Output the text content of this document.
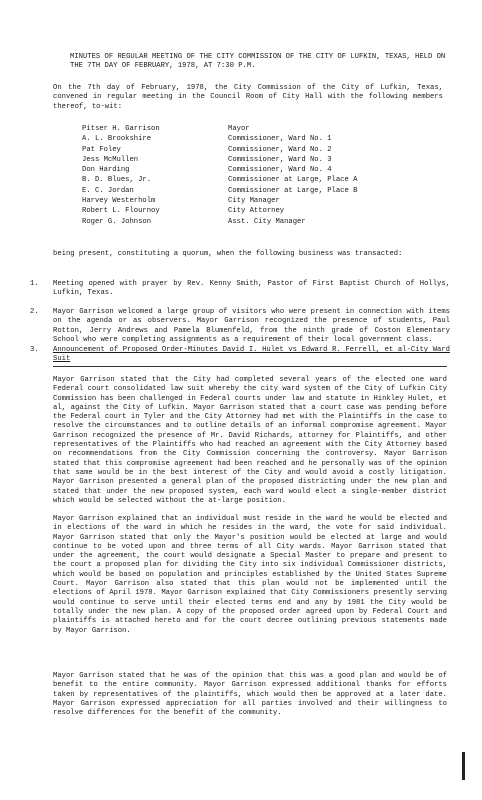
MINUTES OF REGULAR MEETING OF THE CITY COMMISSION OF THE CITY OF LUFKIN, TEXAS, HELD ON THE 7TH DAY OF FEBRUARY, 1978, AT 7:30 P.M.
On the 7th day of February, 1978, the City Commission of the City of Lufkin, Texas, convened in regular meeting in the Council Room of City Hall with the following members thereof, to-wit:
Pitser H. Garrison	Mayor
A. L. Brookshire	Commissioner, Ward No. 1
Pat Foley	Commissioner, Ward No. 2
Jess McMullen	Commissioner, Ward No. 3
Don Harding	Commissioner, Ward No. 4
B. D. Blues, Jr.	Commissioner at Large, Place A
E. C. Jordan	Commissioner at Large, Place B
Harvey Westerholm	City Manager
Robert L. Flournoy	City Attorney
Roger G. Johnson	Asst. City Manager
being present, constituting a quorum, when the following business was transacted:
1.	Meeting opened with prayer by Rev. Kenny Smith, Pastor of First Baptist Church of Hollys, Lufkin, Texas.
2.	Mayor Garrison welcomed a large group of visitors who were present in connection with items on the agenda or as observers. Mayor Garrison recognized the presence of students, Paul Rotton, Jerry Andrews and Pamela Blumenfeld, from the ninth grade of Coston Elementary School who were completing assignments as a requirement of their local government class.
3.	Announcement of Proposed Order-Minutes David I. Hulet vs Edward R. Ferrell, et al-City Ward Suit
Mayor Garrison stated that the City had completed several years of the elected one ward Federal court consolidated law suit whereby the city ward system of the City of Lufkin City Commission has been challenged in Federal courts under law and statute in Hinkley Hulet, et al, against the City of Lufkin. Mayor Garrison stated that a court case was pending before the Federal court in Tyler and the City Attorney had met with the Plaintiffs in the case to resolve the circumstances and to outline details of an informal compromise agreement. Mayor Garrison recognized the presence of Mr. David Richards, attorney for Plaintiffs, and other representatives of the Plaintiffs who had reached an agreement with the City Attorney based on recommendations from the City Commission concerning the controversy. Mayor Garrison stated that this compromise agreement had been reached and he personally was of the opinion that same would be in the best interest of the City and would avoid a costly litigation. Mayor Garrison presented a general plan of the proposed districting under the new plan and stated that under the new proposed system, each ward would elect a single-member district which would be selected without the at-large position.
Mayor Garrison explained that an individual must reside in the ward he would be elected and in elections of the ward in which he resides in the ward, the vote for said individual. Mayor Garrison stated that only the Mayor's position would be elected at large and would continue to be voted upon and three terms of all City wards. Mayor Garrison stated that under the agreement, the court would designate a Special Master to prepare and present to the court a proposed plan for dividing the City into six individual Commissioner districts, which would be based on population and principles established by the United States Supreme Court. Mayor Garrison also stated that this plan would not be implemented until the elections of April 1978. Mayor Garrison explained that City Commissioners presently serving would continue to serve until their elected terms end and any by 1981 the City would be totally under the new plan. A copy of the proposed order agreed upon by Federal Court and plaintiffs is attached hereto and for the court decree outlining previous statements made by Mayor Garrison.
Mayor Garrison stated that he was of the opinion that this was a good plan and would be of benefit to the entire community. Mayor Garrison expressed additional thanks for efforts taken by representatives of the plaintiffs, which would then be approved at a later date. Mayor Garrison expressed appreciation for all parties involved and their willingness to resolve differences for the benefit of the community.
